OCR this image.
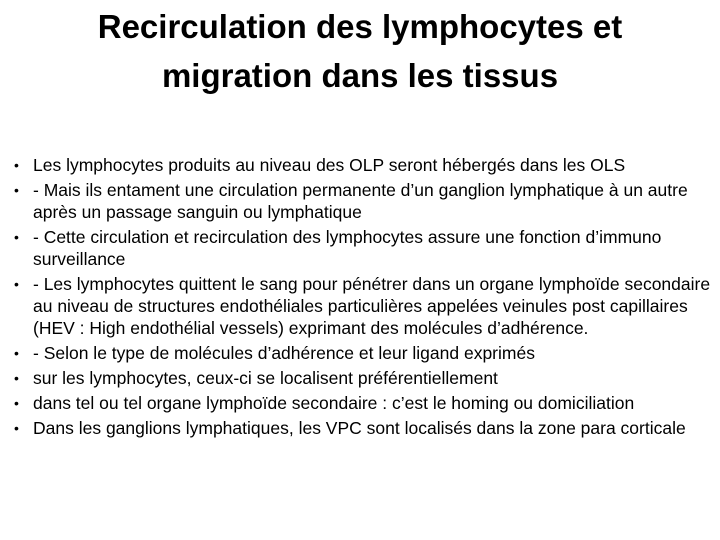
Recirculation des lymphocytes et
migration dans les tissus
• Les lymphocytes produits au niveau des OLP seront hébergés dans les OLS
• - Mais ils entament une circulation permanente d’un ganglion lymphatique à un autre après un passage sanguin ou lymphatique
• - Cette circulation et recirculation des lymphocytes assure une fonction d’immuno surveillance
• - Les lymphocytes quittent le sang pour pénétrer dans un organe lymphoïde secondaire au niveau de structures endothéliales particulières appelées veinules post capillaires (HEV : High endothélial vessels) exprimant des molécules d’adhérence.
• - Selon le type de molécules d’adhérence et leur ligand exprimés
• sur les lymphocytes, ceux-ci se localisent préférentiellement
• dans tel ou tel organe lymphoïde secondaire : c’est le homing ou domiciliation
• Dans les ganglions lymphatiques, les VPC sont localisés dans la zone para corticale
